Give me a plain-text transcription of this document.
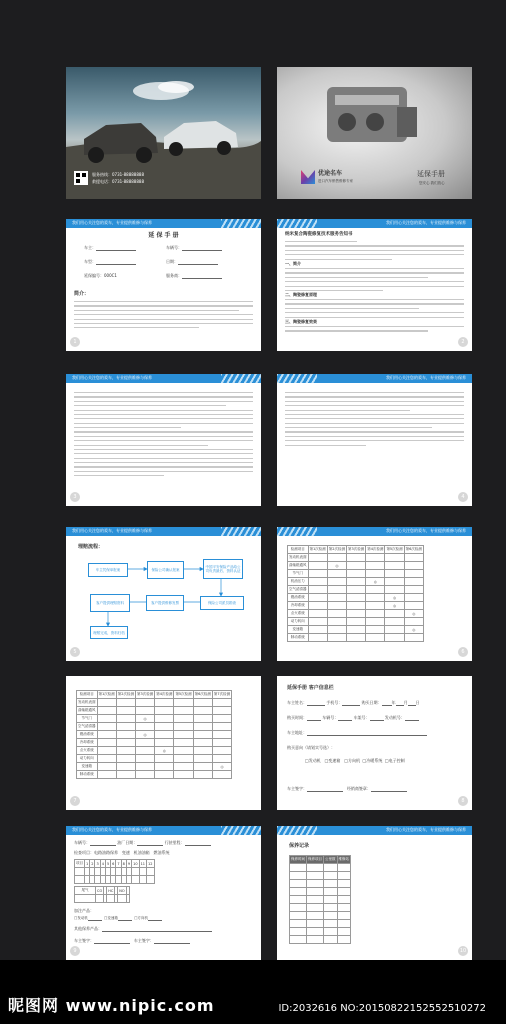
服务热线：0731-88888888
救援电话：0731-88888888
优途名车
进口汽车销售维修专家
延保手册
您安心 我们放心
我们用心关注您的爱车，专业提供维修与保养
延 保 手 册
车主：	车辆号：
车型：	日期：
延保编号：000C1	服务商：
简介：
1
我们用心关注您的爱车，专业提供维修与保养
纳米复合陶瓷修复技术服务告知书
一、简介
二、陶瓷修复原理
三、陶瓷修复效果
2
我们用心关注您的爱车，专业提供维修与保养
3
我们用心关注您的爱车，专业提供维修与保养
4
我们用心关注您的爱车，专业提供维修与保养
理赔流程：
车主凭保单报案	保险公司确认报案
中国平安保险产品给公司负责最后、资料认证
保险公司派员勘查
客户提供维修发票
客户提供理赔资料
理赔完成，资料归档
5
我们用心关注您的爱车，专业提供维修与保养
检测项目	第1次检测	第2次检测	第3次检测	第4次检测	第5次检测	第6次检测
发动机表面						
曲轴箱通风		◎				
节气门						
机油压力				◎		
空气滤清器						
燃油系统					◎	
冷却系统					◎	
点火系统						◎
动力转向						
变速箱						◎
制动系统						
6
检测项目	第1次检测	第2次检测	第3次检测	第4次检测	第5次检测	第6次检测	第7次检测
发动机表面							
曲轴箱通风							
节气门			◎				
空气滤清器							
燃油系统			◎				
冷却系统							
点火系统				◎			
动力转向							
变速箱							◎
制动系统							
7
延保手册 客户信息栏
车主姓名：	手机号：	购买日期：	年 月 日
购买时间：	车辆号：	车架号：	发动机号：
车主地址：
购买意向（请划实号选）：
□发动机 □变速箱 □方向机 □冷暖系统 □电子控制
车主签字：	经销商签章：
8
我们用心关注您的爱车，专业提供维修与保养
车辆号：	油厂日期：	行驶里程：
检查项目：电路油路保养 变速 机油油箱 燃油系统
项目	1	2	3	4	5	6	7	8	9	10	11	12

尾气	CO		HC		NO	

加注产品：
□发动机	□变速箱	□方向机
其他保养产品：
车主签字：	车主签字：
9
我们用心关注您的爱车，专业提供维修与保养
保养记录
保养时间	保养项目	公里数	维修站

10
昵图网 www.nipic.com	ID:2032616 NO:20150822152552510272
